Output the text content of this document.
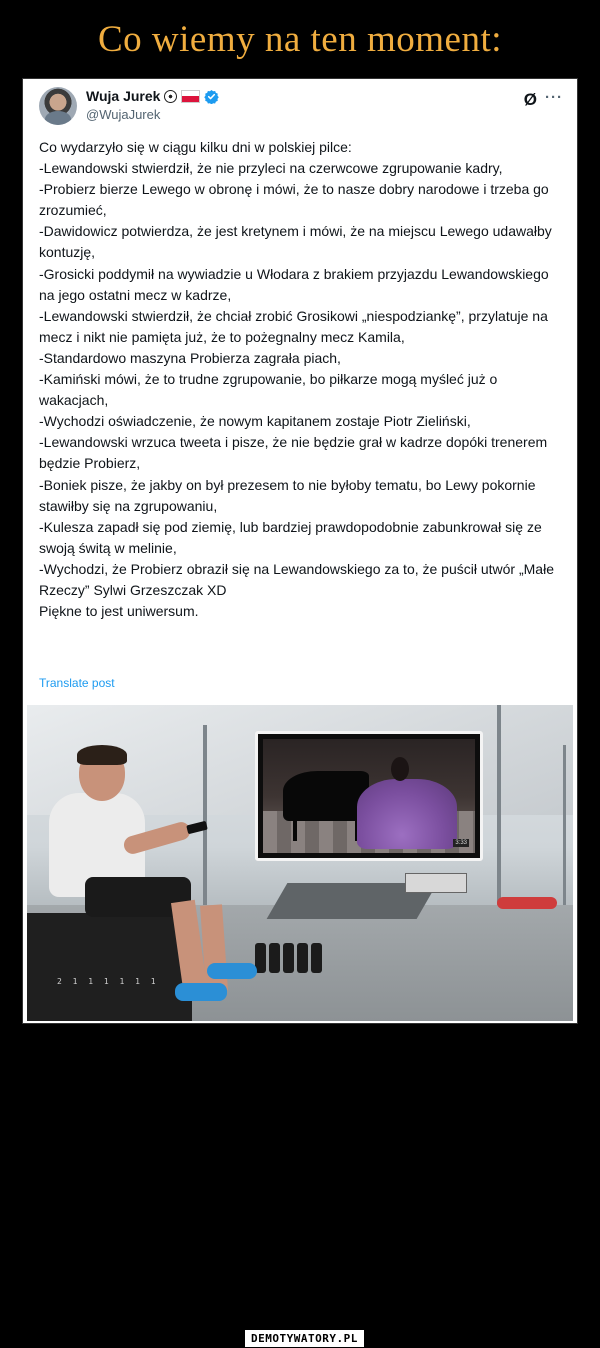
Co wiemy na ten moment:
Wuja Jurek
@WujaJurek
Ø ···
Co wydarzyło się w ciągu kilku dni w polskiej pilce:
-Lewandowski stwierdził, że nie przyleci na czerwcowe zgrupowanie kadry,
-Probierz bierze Lewego w obronę i mówi, że to nasze dobry narodowe i trzeba go zrozumieć,
-Dawidowicz potwierdza, że jest kretynem i mówi, że na miejscu Lewego udawałby kontuzję,
-Grosicki poddymił na wywiadzie u Włodara z brakiem przyjazdu Lewandowskiego na jego ostatni mecz w kadrze,
-Lewandowski stwierdził, że chciał zrobić Grosikowi „niespodziankę”, przylatuje na mecz i nikt nie pamięta już, że to pożegnalny mecz Kamila,
-Standardowo maszyna Probierza zagrała piach,
-Kamiński mówi, że to trudne zgrupowanie, bo piłkarze mogą myśleć już o wakacjach,
-Wychodzi oświadczenie, że nowym kapitanem zostaje Piotr Zieliński,
-Lewandowski wrzuca tweeta i pisze, że nie będzie grał w kadrze dopóki trenerem będzie Probierz,
-Boniek pisze, że jakby on był prezesem to nie byłoby tematu, bo Lewy pokornie stawiłby się na zgrupowaniu,
-Kulesza zapadł się pod ziemię, lub bardziej prawdopodobnie zabunkrował się ze swoją świtą w melinie,
-Wychodzi, że Probierz obraził się na Lewandowskiego za to, że puścił utwór „Małe Rzeczy” Sylwi Grzeszczak XD
Piękne to jest uniwersum.
Translate post
2 1 1 1 1 1 1
3:33
DEMOTYWATORY.PL
